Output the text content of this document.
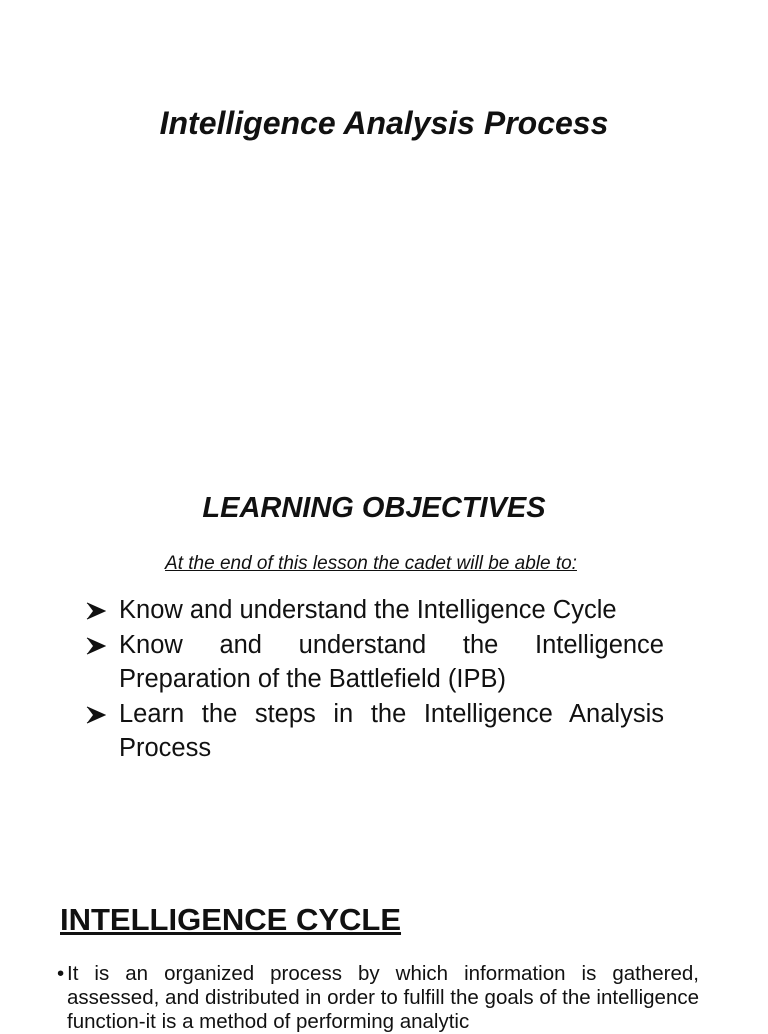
Intelligence Analysis Process
LEARNING OBJECTIVES
At the end of this lesson the cadet will be able to:
Know and understand the Intelligence Cycle
Know and understand the Intelligence Preparation of the Battlefield (IPB)
Learn the steps in the Intelligence Analysis Process
INTELLIGENCE CYCLE
• It is an organized process by which information is gathered, assessed, and distributed in order to fulfill the goals of the intelligence function-it is a method of performing analytic
